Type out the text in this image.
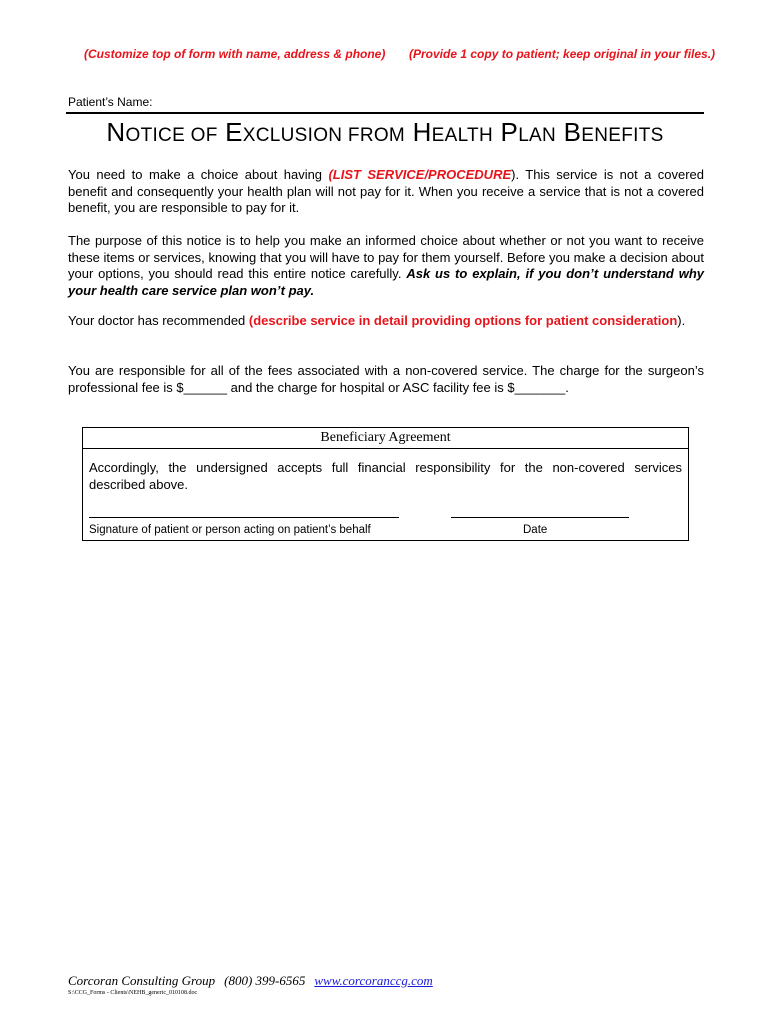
(Customize top of form with name, address & phone) (Provide 1 copy to patient; keep original in your files.)
Patient’s Name:
NOTICE OF EXCLUSION FROM HEALTH PLAN BENEFITS
You need to make a choice about having (LIST SERVICE/PROCEDURE). This service is not a covered benefit and consequently your health plan will not pay for it. When you receive a service that is not a covered benefit, you are responsible to pay for it.
The purpose of this notice is to help you make an informed choice about whether or not you want to receive these items or services, knowing that you will have to pay for them yourself. Before you make a decision about your options, you should read this entire notice carefully. Ask us to explain, if you don’t understand why your health care service plan won’t pay.
Your doctor has recommended (describe service in detail providing options for patient consideration).
You are responsible for all of the fees associated with a non-covered service. The charge for the surgeon’s professional fee is $______ and the charge for hospital or ASC facility fee is $_______.
Beneficiary Agreement
Accordingly, the undersigned accepts full financial responsibility for the non-covered services described above.
Signature of patient or person acting on patient’s behalf	Date
Corcoran Consulting Group (800) 399-6565 www.corcoranccg.com
S:\CCG_Forms - Clients\NEHB_generic_010108.doc
